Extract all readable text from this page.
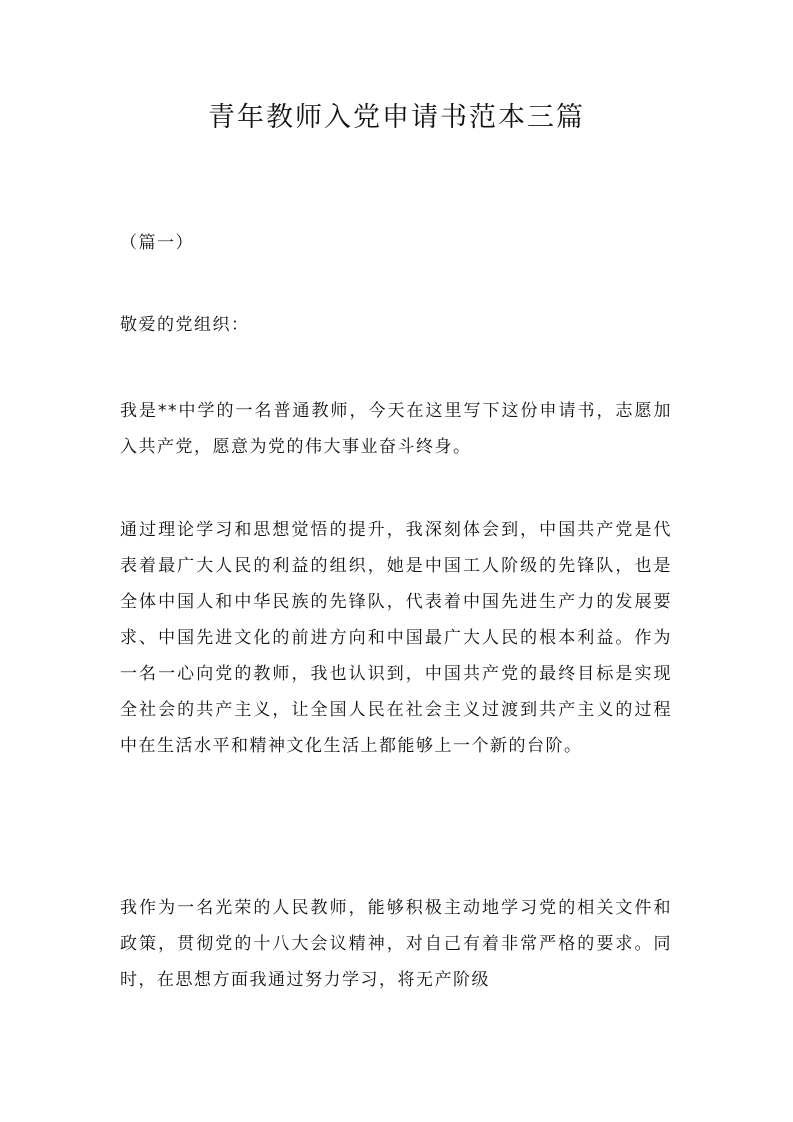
青年教师入党申请书范本三篇

（篇一）

敬爱的党组织：

我是**中学的一名普通教师，今天在这里写下这份申请书，志愿加入共产党，愿意为党的伟大事业奋斗终身。

通过理论学习和思想觉悟的提升，我深刻体会到，中国共产党是代表着最广大人民的利益的组织，她是中国工人阶级的先锋队，也是全体中国人和中华民族的先锋队，代表着中国先进生产力的发展要求、中国先进文化的前进方向和中国最广大人民的根本利益。作为一名一心向党的教师，我也认识到，中国共产党的最终目标是实现全社会的共产主义，让全国人民在社会主义过渡到共产主义的过程中在生活水平和精神文化生活上都能够上一个新的台阶。

我作为一名光荣的人民教师，能够积极主动地学习党的相关文件和政策，贯彻党的十八大会议精神，对自己有着非常严格的要求。同时，在思想方面我通过努力学习，将无产阶级
